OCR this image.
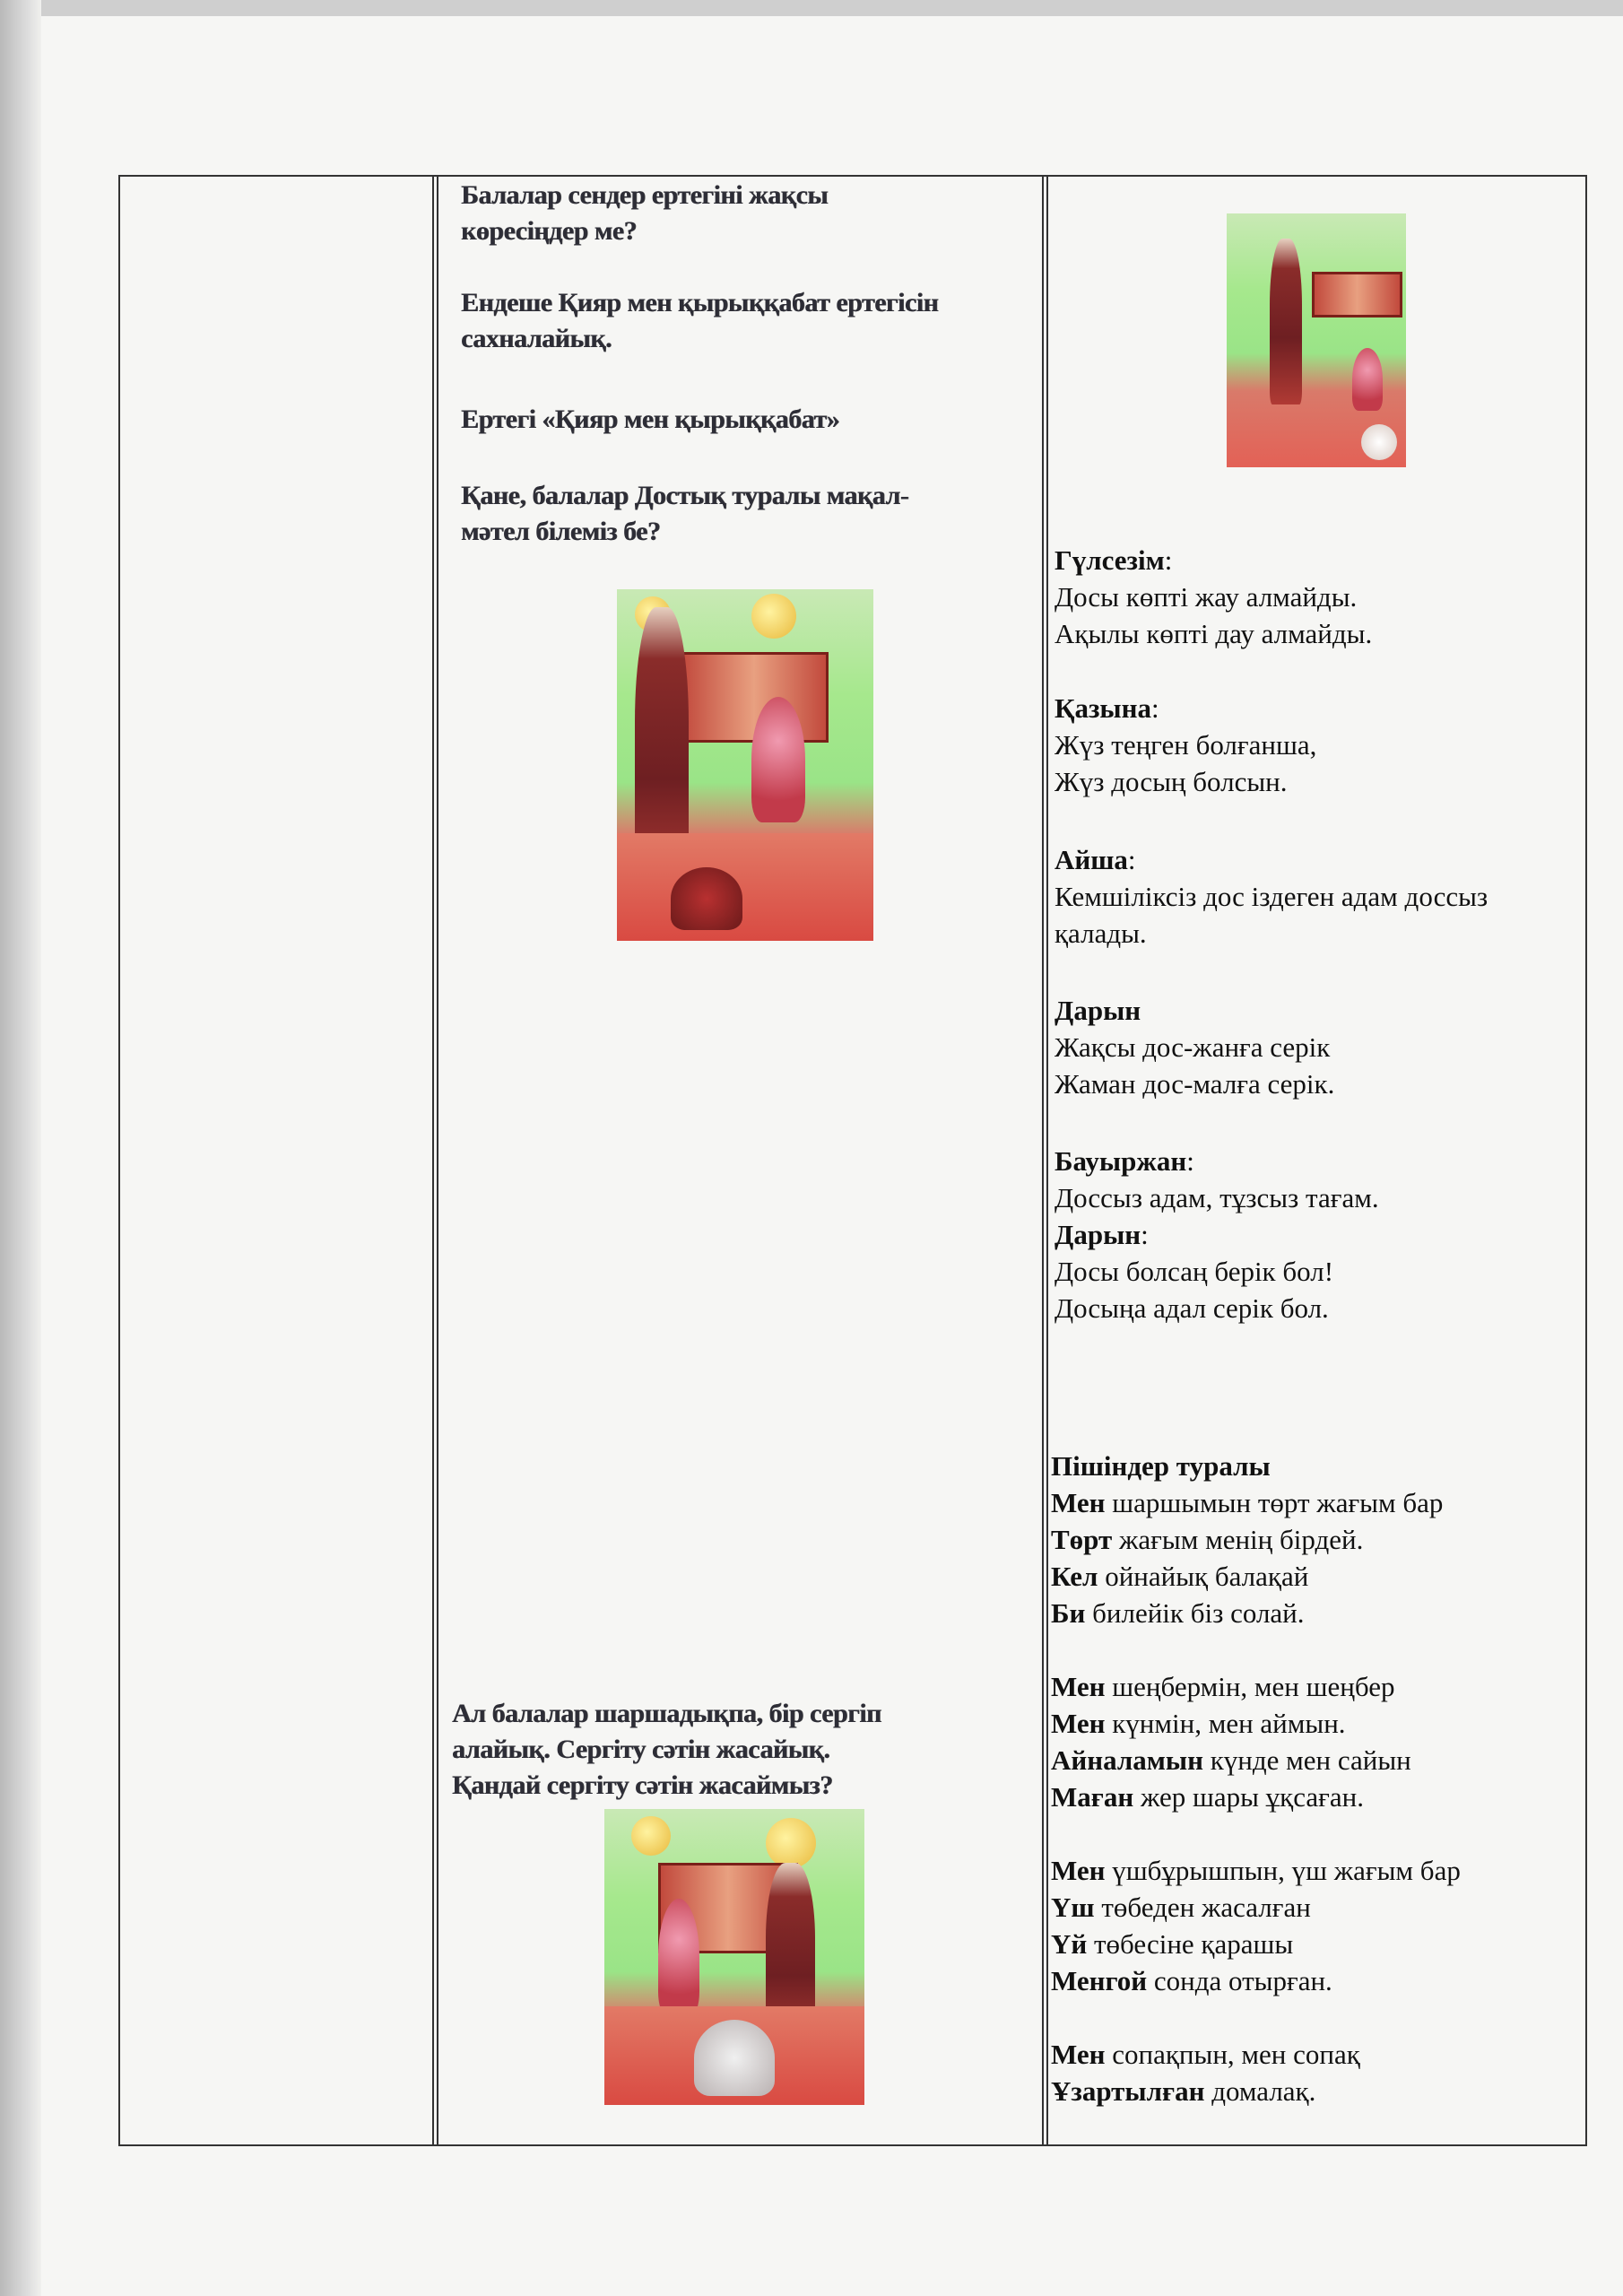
Балалар сендер ертегіні жақсы
көресіңдер ме?
Ендеше Қияр мен қырыққабат ертегісін
сахналайық.
Ертегі «Қияр мен қырыққабат»
Қане, балалар Достық туралы мақал-
мәтел білеміз бе?
Ал балалар шаршадықпа, бір сергіп
алайық. Сергіту сәтін жасайық.
Қандай сергіту сәтін жасаймыз?
Гүлсезім:
Досы көпті жау алмайды.
Ақылы көпті дау алмайды.
Қазына:
Жүз теңген болғанша,
Жүз досың болсын.
Айша:
Кемшіліксіз дос іздеген адам доссыз
қалады.
Дарын
Жақсы дос-жанға серік
Жаман дос-малға серік.
Бауыржан:
Доссыз адам, тұзсыз тағам.
Дарын:
Досы болсаң берік бол!
Досыңа адал серік бол.
Пішіндер туралы
Мен шаршымын төрт жағым бар
Төрт жағым менің бірдей.
Кел ойнайық балақай
Би билейік біз солай.
Мен шеңбермін, мен шеңбер
Мен күнмін, мен аймын.
Айналамын күнде мен сайын
Маған жер шары ұқсаған.
Мен үшбұрышпын, үш жағым бар
Үш төбеден жасалған
Үй төбесіне қарашы
Менгой сонда отырған.
Мен сопақпын, мен сопақ
Ұзартылған домалақ.
